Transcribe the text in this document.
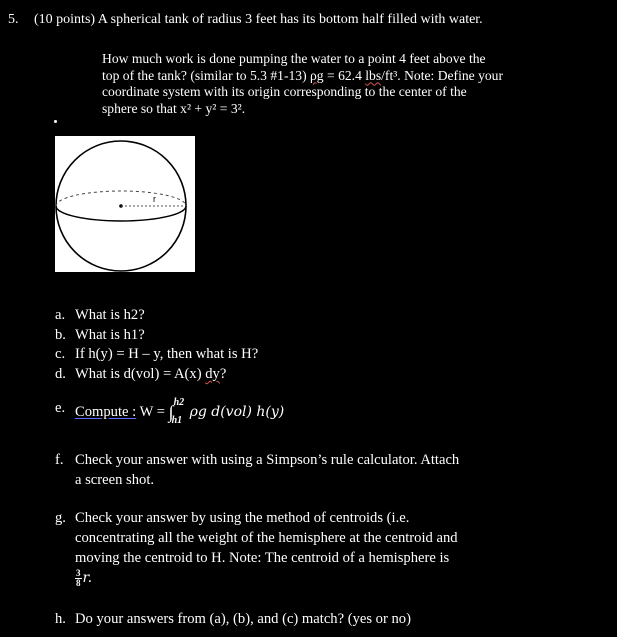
5. (10 points) A spherical tank of radius 3 feet has its bottom half filled with water.
How much work is done pumping the water to a point 4 feet above the
top of the tank? (similar to 5.3 #1-13) ρg = 62.4 lbs/ft³. Note: Define your
coordinate system with its origin corresponding to the center of the
sphere so that x² + y² = 3².
r
a. What is h2?
b. What is h1?
c. If h(y) = H – y, then what is H?
d. What is d(vol) = A(x) dy?
e. Compute : W = ∫ h2
h1
ρg d(vol) h(y)
f. Check your answer with using a Simpson’s rule calculator. Attach
a screen shot.
g. Check your answer by using the method of centroids (i.e.
concentrating all the weight of the hemisphere at the centroid and
moving the centroid to H. Note: The centroid of a hemisphere is
$\frac{3}{8} r$.
h. Do your answers from (a), (b), and (c) match? (yes or no)
